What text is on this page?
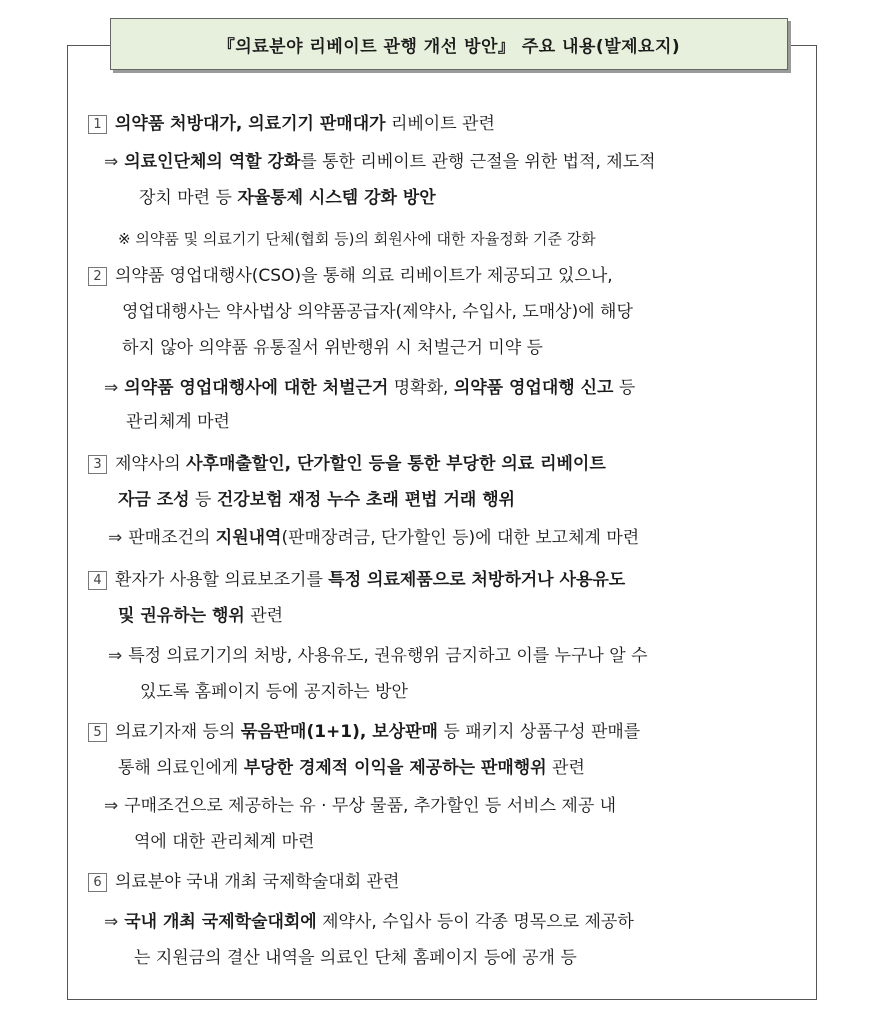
『의료분야 리베이트 관행 개선 방안』 주요 내용(발제요지)
1 의약품 처방대가, 의료기기 판매대가 리베이트 관련
⇒ 의료인단체의 역할 강화를 통한 리베이트 관행 근절을 위한 법적, 제도적
장치 마련 등 자율통제 시스템 강화 방안
※ 의약품 및 의료기기 단체(협회 등)의 회원사에 대한 자율정화 기준 강화
2 의약품 영업대행사(CSO)을 통해 의료 리베이트가 제공되고 있으나,
영업대행사는 약사법상 의약품공급자(제약사, 수입사, 도매상)에 해당
하지 않아 의약품 유통질서 위반행위 시 처벌근거 미약 등
⇒ 의약품 영업대행사에 대한 처벌근거 명확화, 의약품 영업대행 신고 등
관리체계 마련
3 제약사의 사후매출할인, 단가할인 등을 통한 부당한 의료 리베이트
자금 조성 등 건강보험 재정 누수 초래 편법 거래 행위
⇒ 판매조건의 지원내역(판매장려금, 단가할인 등)에 대한 보고체계 마련
4 환자가 사용할 의료보조기를 특정 의료제품으로 처방하거나 사용유도
및 권유하는 행위 관련
⇒ 특정 의료기기의 처방, 사용유도, 권유행위 금지하고 이를 누구나 알 수
있도록 홈페이지 등에 공지하는 방안
5 의료기자재 등의 묶음판매(1+1), 보상판매 등 패키지 상품구성 판매를
통해 의료인에게 부당한 경제적 이익을 제공하는 판매행위 관련
⇒ 구매조건으로 제공하는 유 · 무상 물품, 추가할인 등 서비스 제공 내
역에 대한 관리체계 마련
6 의료분야 국내 개최 국제학술대회 관련
⇒ 국내 개최 국제학술대회에 제약사, 수입사 등이 각종 명목으로 제공하
는 지원금의 결산 내역을 의료인 단체 홈페이지 등에 공개 등
